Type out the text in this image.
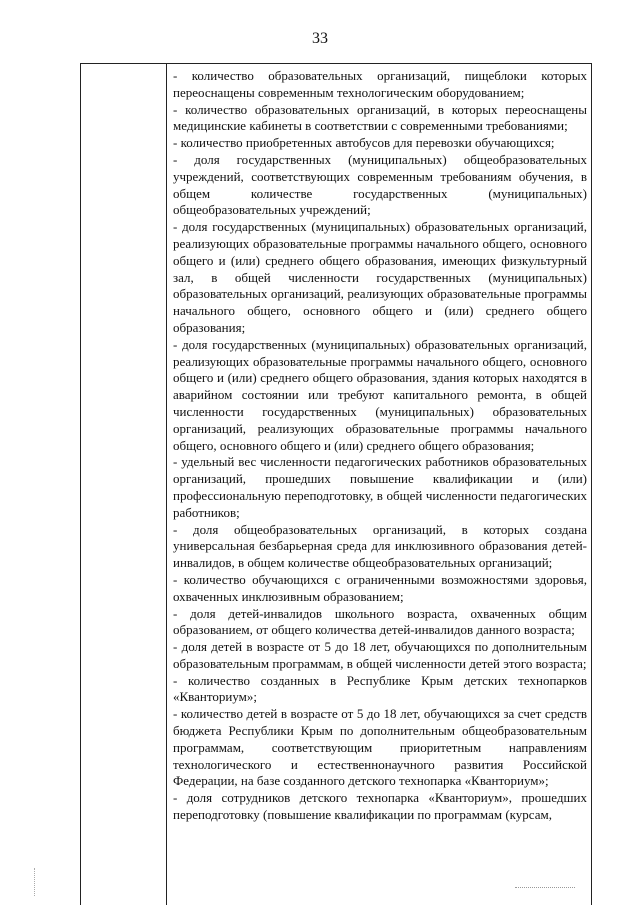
33

- количество образовательных организаций, пищеблоки которых переоснащены современным технологическим оборудованием;

- количество образовательных организаций, в которых переоснащены медицинские кабинеты в соответствии с современными требованиями;

- количество приобретенных автобусов для перевозки обучающихся;

- доля государственных (муниципальных) общеобразовательных учреждений, соответствующих современным требованиям обучения, в общем количестве государственных (муниципальных) общеобразовательных учреждений;

- доля государственных (муниципальных) образовательных организаций, реализующих образовательные программы начального общего, основного общего и (или) среднего общего образования, имеющих физкультурный зал, в общей численности государственных (муниципальных) образовательных организаций, реализующих образовательные программы начального общего, основного общего и (или) среднего общего образования;

- доля государственных (муниципальных) образовательных организаций, реализующих образовательные программы начального общего, основного общего и (или) среднего общего образования, здания которых находятся в аварийном состоянии или требуют капитального ремонта, в общей численности государственных (муниципальных) образовательных организаций, реализующих образовательные программы начального общего, основного общего и (или) среднего общего образования;

- удельный вес численности педагогических работников образовательных организаций, прошедших повышение квалификации и (или) профессиональную переподготовку, в общей численности педагогических работников;

- доля общеобразовательных организаций, в которых создана универсальная безбарьерная среда для инклюзивного образования детей-инвалидов, в общем количестве общеобразовательных организаций;

- количество обучающихся с ограниченными возможностями здоровья, охваченных инклюзивным образованием;

- доля детей-инвалидов школьного возраста, охваченных общим образованием, от общего количества детей-инвалидов данного возраста;

- доля детей в возрасте от 5 до 18 лет, обучающихся по дополнительным образовательным программам, в общей численности детей этого возраста;

- количество созданных в Республике Крым детских технопарков «Кванториум»;

- количество детей в возрасте от 5 до 18 лет, обучающихся за счет средств бюджета Республики Крым по дополнительным общеобразовательным программам, соответствующим приоритетным направлениям технологического и естественнонаучного развития Российской Федерации, на базе созданного детского технопарка «Кванториум»;

- доля сотрудников детского технопарка «Кванториум», прошедших переподготовку (повышение квалификации по программам (курсам,
